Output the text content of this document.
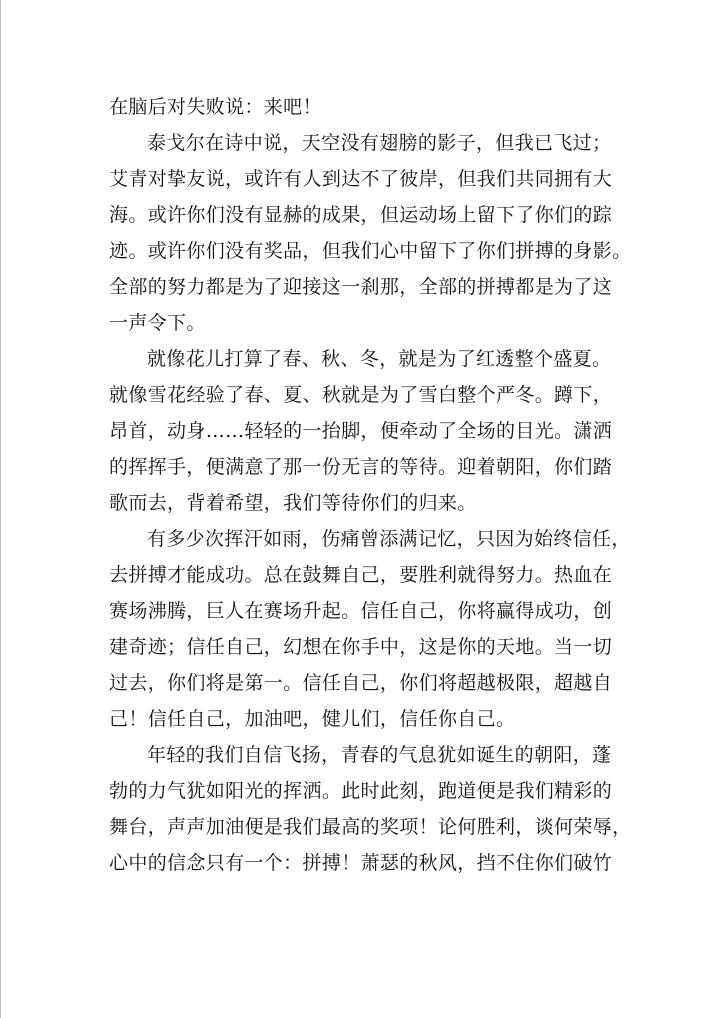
在脑后对失败说：来吧！
泰戈尔在诗中说，天空没有翅膀的影子，但我已飞过；
艾青对挚友说，或许有人到达不了彼岸，但我们共同拥有大
海。或许你们没有显赫的成果，但运动场上留下了你们的踪
迹。或许你们没有奖品，但我们心中留下了你们拼搏的身影。
全部的努力都是为了迎接这一刹那，全部的拼搏都是为了这
一声令下。
就像花儿打算了春、秋、冬，就是为了红透整个盛夏。
就像雪花经验了春、夏、秋就是为了雪白整个严冬。蹲下，
昂首，动身……轻轻的一抬脚，便牵动了全场的目光。潇洒
的挥挥手，便满意了那一份无言的等待。迎着朝阳，你们踏
歌而去，背着希望，我们等待你们的归来。
有多少次挥汗如雨，伤痛曾添满记忆，只因为始终信任，
去拼搏才能成功。总在鼓舞自己，要胜利就得努力。热血在
赛场沸腾，巨人在赛场升起。信任自己，你将赢得成功，创
建奇迹；信任自己，幻想在你手中，这是你的天地。当一切
过去，你们将是第一。信任自己，你们将超越极限，超越自
己！信任自己，加油吧，健儿们，信任你自己。
年轻的我们自信飞扬，青春的气息犹如诞生的朝阳，蓬
勃的力气犹如阳光的挥洒。此时此刻，跑道便是我们精彩的
舞台，声声加油便是我们最高的奖项！论何胜利，谈何荣辱，
心中的信念只有一个：拼搏！萧瑟的秋风，挡不住你们破竹
